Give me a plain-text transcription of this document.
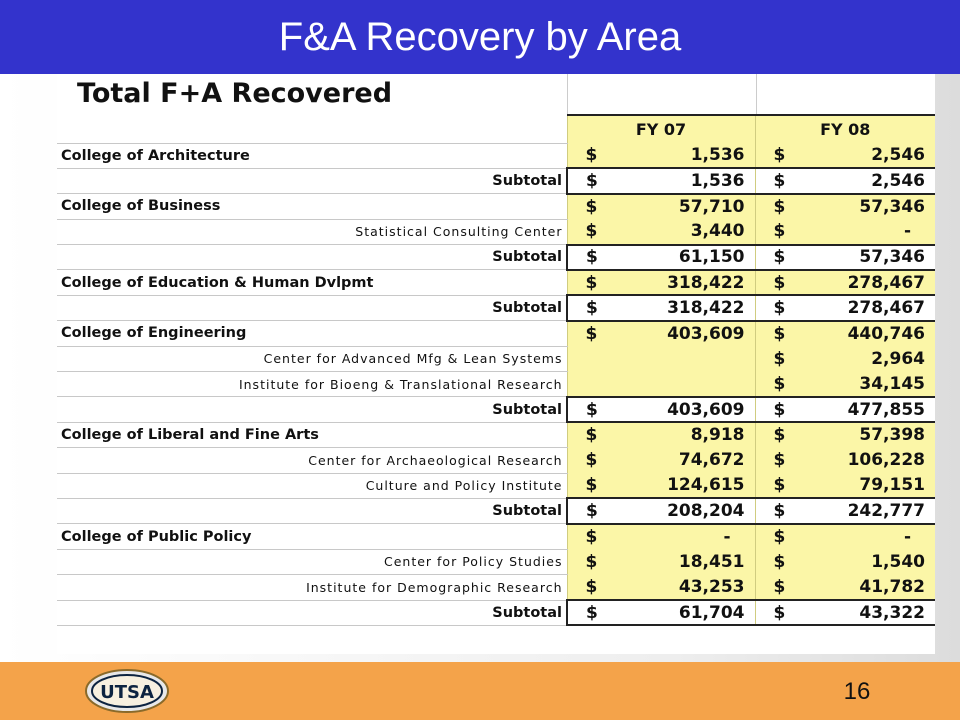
F&A Recovery by Area
Total F+A Recovered
	FY 07	FY 08
College of Architecture	$ 1,536	$ 2,546

Subtotal	$ 1,536	$ 2,546

College of Business	$ 57,710	$ 57,346

Statistical Consulting Center	$ 3,440	$ -

Subtotal	$ 61,150	$ 57,346

College of Education & Human Dvlpmt	$ 318,422	$ 278,467

Subtotal	$ 318,422	$ 278,467

College of Engineering	$ 403,609	$ 440,746

Center for Advanced Mfg & Lean Systems		$ 2,964

Institute for Bioeng & Translational Research		$ 34,145

Subtotal	$ 403,609	$ 477,855

College of Liberal and Fine Arts	$ 8,918	$ 57,398

Center for Archaeological Research	$ 74,672	$ 106,228

Culture and Policy Institute	$ 124,615	$ 79,151

Subtotal	$ 208,204	$ 242,777

College of Public Policy	$ -	$ -

Center for Policy Studies	$ 18,451	$ 1,540

Institute for Demographic Research	$ 43,253	$ 41,782

Subtotal	$ 61,704	$ 43,322
UTSA	16
